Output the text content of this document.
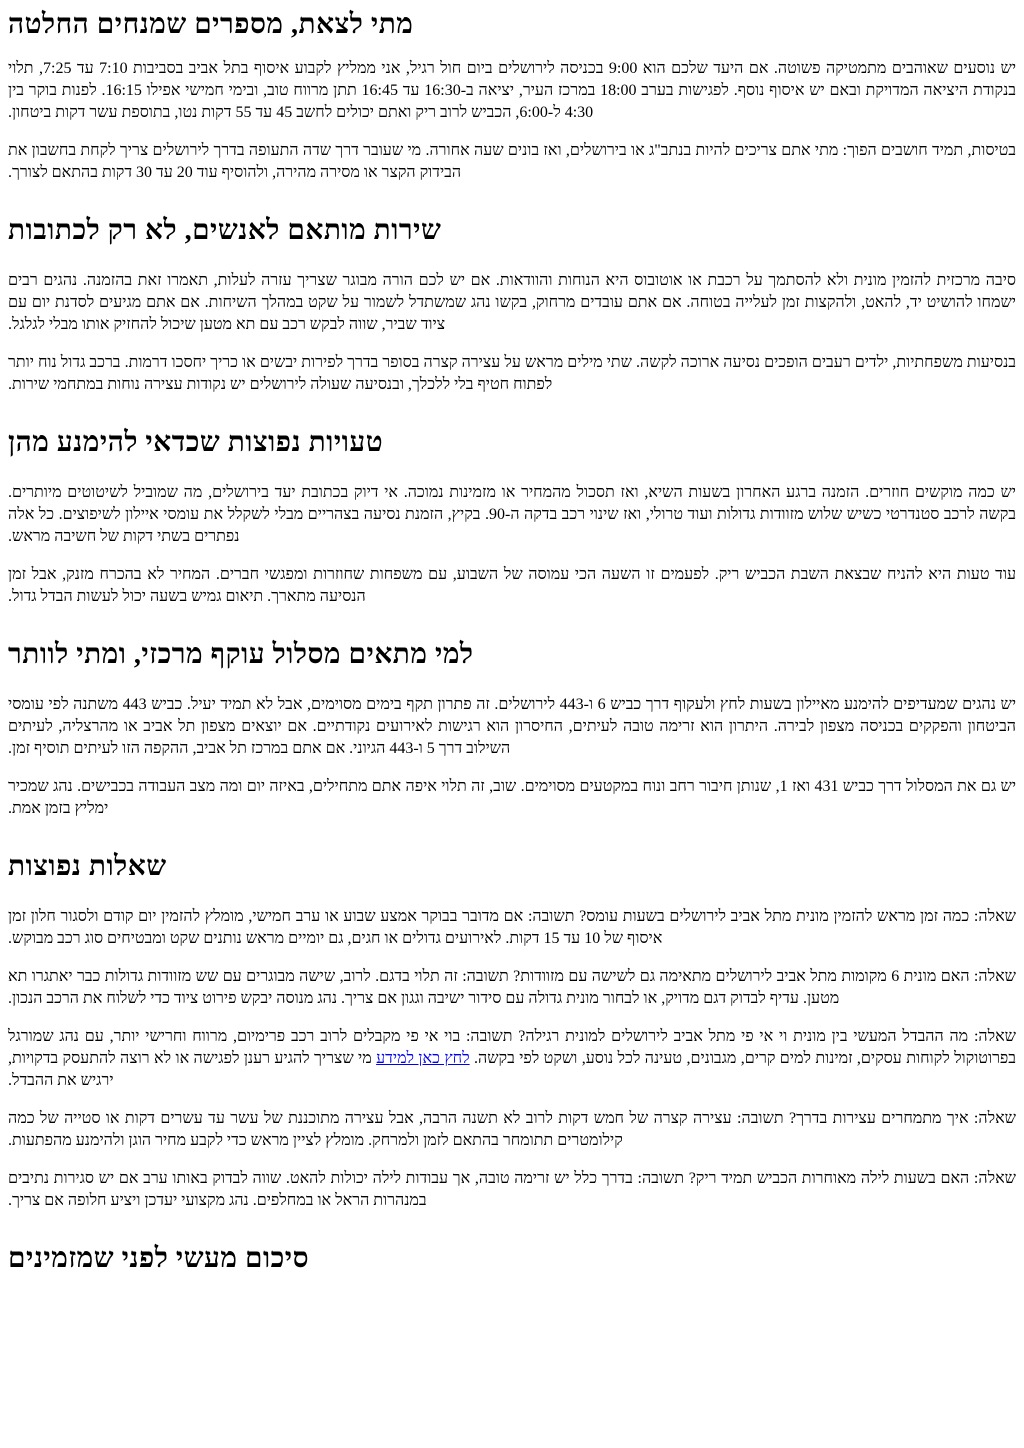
מתי לצאת, מספרים שמנחים החלטה

יש נוסעים שאוהבים מתמטיקה פשוטה. אם היעד שלכם הוא 9:00 בכניסה לירושלים ביום חול רגיל, אני ממליץ לקבוע איסוף בתל אביב בסביבות 7:10 עד 7:25, תלוי בנקודת היציאה המדויקת ובאם יש איסוף נוסף. לפגישות בערב 18:00 במרכז העיר, יציאה ב-16:30 עד 16:45 תתן מרווח טוב, ובימי חמישי אפילו 16:15. לפנות בוקר בין 4:30 ל-6:00, הכביש לרוב ריק ואתם יכולים לחשב 45 עד 55 דקות נטו, בתוספת עשר דקות ביטחון.

בטיסות, תמיד חושבים הפוך: מתי אתם צריכים להיות בנתב"ג או בירושלים, ואז בונים שעה אחורה. מי שעובר דרך שדה התעופה בדרך לירושלים צריך לקחת בחשבון את הבידוק הקצר או מסירה מהירה, ולהוסיף עוד 20 עד 30 דקות בהתאם לצורך.

שירות מותאם לאנשים, לא רק לכתובות

סיבה מרכזית להזמין מונית ולא להסתמך על רכבת או אוטובוס היא הנוחות והוודאות. אם יש לכם הורה מבוגר שצריך עזרה לעלות, תאמרו זאת בהזמנה. נהגים רבים ישמחו להושיט יד, להאט, ולהקצות זמן לעלייה בטוחה. אם אתם עובדים מרחוק, בקשו נהג שמשתדל לשמור על שקט במהלך השיחות. אם אתם מגיעים לסדנת יום עם ציוד שביר, שווה לבקש רכב עם תא מטען שיכול להחזיק אותו מבלי לגלגל.

בנסיעות משפחתיות, ילדים רעבים הופכים נסיעה ארוכה לקשה. שתי מילים מראש על עצירה קצרה בסופר בדרך לפירות יבשים או כריך יחסכו דרמות. ברכב גדול נוח יותר לפתוח חטיף בלי ללכלך, ובנסיעה שעולה לירושלים יש נקודות עצירה נוחות במתחמי שירות.

טעויות נפוצות שכדאי להימנע מהן

יש כמה מוקשים חוזרים. הזמנה ברגע האחרון בשעות השיא, ואז תסכול מהמחיר או מזמינות נמוכה. אי דיוק בכתובת יעד בירושלים, מה שמוביל לשיטוטים מיותרים. בקשה לרכב סטנדרטי כשיש שלוש מזוודות גדולות ועוד טרולי, ואז שינוי רכב בדקה ה-90. בקיץ, הזמנת נסיעה בצהריים מבלי לשקלל את עומסי איילון לשיפוצים. כל אלה נפתרים בשתי דקות של חשיבה מראש.

עוד טעות היא להניח שבצאת השבת הכביש ריק. לפעמים זו השעה הכי עמוסה של השבוע, עם משפחות שחוזרות ומפגשי חברים. המחיר לא בהכרח מזנק, אבל זמן הנסיעה מתארך. תיאום גמיש בשעה יכול לעשות הבדל גדול.

למי מתאים מסלול עוקף מרכזי, ומתי לוותר

יש נהגים שמעדיפים להימנע מאיילון בשעות לחץ ולעקוף דרך כביש 6 ו-443 לירושלים. זה פתרון תקף בימים מסוימים, אבל לא תמיד יעיל. כביש 443 משתנה לפי עומסי הביטחון והפקקים בכניסה מצפון לבירה. היתרון הוא זרימה טובה לעיתים, החיסרון הוא רגישות לאירועים נקודתיים. אם יוצאים מצפון תל אביב או מהרצליה, לעיתים השילוב דרך 5 ו-443 הגיוני. אם אתם במרכז תל אביב, ההקפה הזו לעיתים תוסיף זמן.

יש גם את המסלול דרך כביש 431 ואז 1, שנותן חיבור רחב ונוח במקטעים מסוימים. שוב, זה תלוי איפה אתם מתחילים, באיזה יום ומה מצב העבודה בכבישים. נהג שמכיר ימליץ בזמן אמת.

שאלות נפוצות

שאלה: כמה זמן מראש להזמין מונית מתל אביב לירושלים בשעות עומס? תשובה: אם מדובר בבוקר אמצע שבוע או ערב חמישי, מומלץ להזמין יום קודם ולסגור חלון זמן איסוף של 10 עד 15 דקות. לאירועים גדולים או חגים, גם יומיים מראש נותנים שקט ומבטיחים סוג רכב מבוקש.

שאלה: האם מונית 6 מקומות מתל אביב לירושלים מתאימה גם לשישה עם מזוודות? תשובה: זה תלוי בדגם. לרוב, שישה מבוגרים עם שש מזוודות גדולות כבר יאתגרו תא מטען. עדיף לבדוק דגם מדויק, או לבחור מונית גדולה עם סידור ישיבה וגגון אם צריך. נהג מנוסה יבקש פירוט ציוד כדי לשלוח את הרכב הנכון.

שאלה: מה ההבדל המעשי בין מונית וי אי פי מתל אביב לירושלים למונית רגילה? תשובה: בוי אי פי מקבלים לרוב רכב פרימיום, מרווח וחרישי יותר, עם נהג שמורגל בפרוטוקול לקוחות עסקים, זמינות למים קרים, מגבונים, טעינה לכל נוסע, ושקט לפי בקשה. לחץ כאן למידע מי שצריך להגיע רענן לפגישה או לא רוצה להתעסק בדקויות, ירגיש את ההבדל.

שאלה: איך מתמחרים עצירות בדרך? תשובה: עצירה קצרה של חמש דקות לרוב לא תשנה הרבה, אבל עצירה מתוכננת של עשר עד עשרים דקות או סטייה של כמה קילומטרים תתומחר בהתאם לזמן ולמרחק. מומלץ לציין מראש כדי לקבע מחיר הוגן ולהימנע מהפתעות.

שאלה: האם בשעות לילה מאוחרות הכביש תמיד ריק? תשובה: בדרך כלל יש זרימה טובה, אך עבודות לילה יכולות להאט. שווה לבדוק באותו ערב אם יש סגירות נתיבים במנהרות הראל או במחלפים. נהג מקצועי יעדכן ויציע חלופה אם צריך.

סיכום מעשי לפני שמזמינים
